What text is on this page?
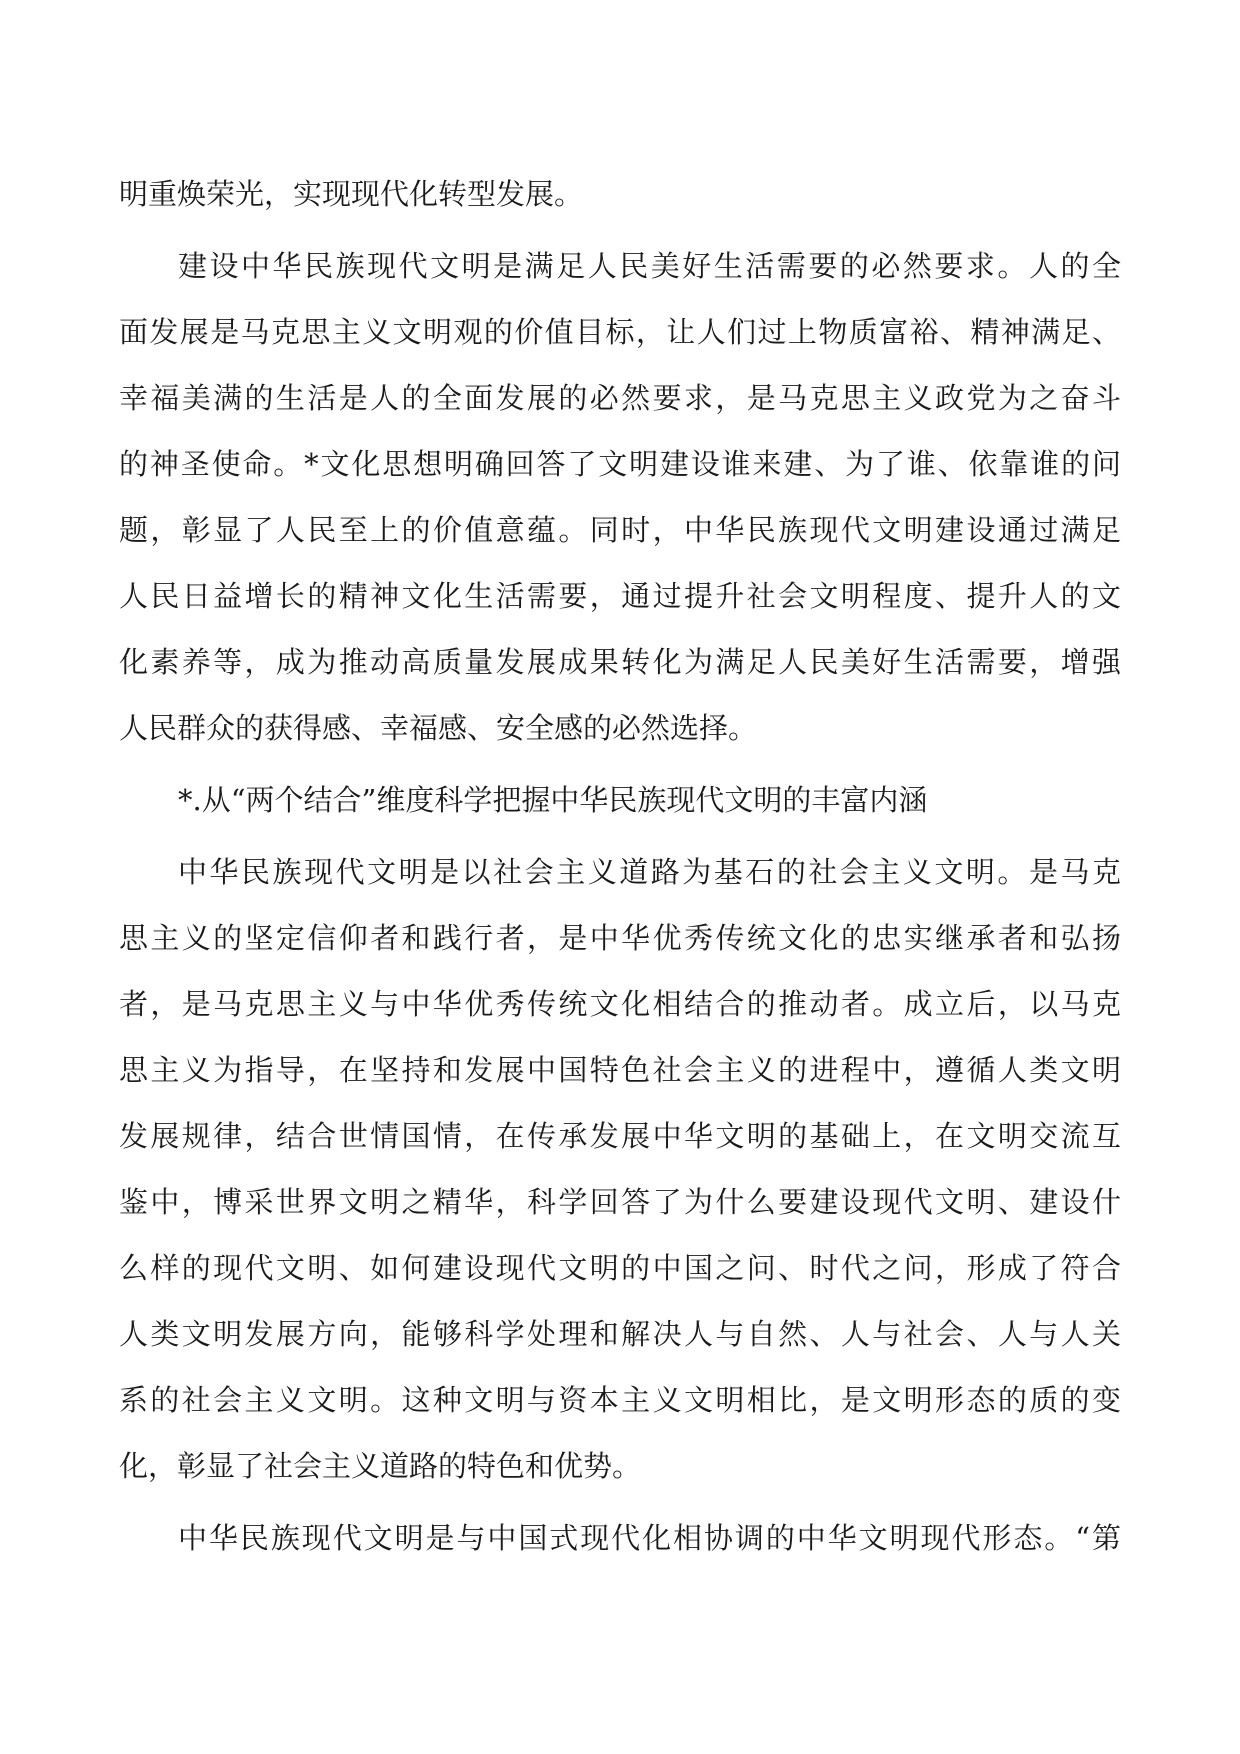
明重焕荣光，实现现代化转型发展。

建设中华民族现代文明是满足人民美好生活需要的必然要求。人的全

面发展是马克思主义文明观的价值目标，让人们过上物质富裕、精神满足、

幸福美满的生活是人的全面发展的必然要求，是马克思主义政党为之奋斗

的神圣使命。*文化思想明确回答了文明建设谁来建、为了谁、依靠谁的问

题，彰显了人民至上的价值意蕴。同时，中华民族现代文明建设通过满足

人民日益增长的精神文化生活需要，通过提升社会文明程度、提升人的文

化素养等，成为推动高质量发展成果转化为满足人民美好生活需要，增强

人民群众的获得感、幸福感、安全感的必然选择。

*.从“两个结合”维度科学把握中华民族现代文明的丰富内涵

中华民族现代文明是以社会主义道路为基石的社会主义文明。是马克

思主义的坚定信仰者和践行者，是中华优秀传统文化的忠实继承者和弘扬

者，是马克思主义与中华优秀传统文化相结合的推动者。成立后，以马克

思主义为指导，在坚持和发展中国特色社会主义的进程中，遵循人类文明

发展规律，结合世情国情，在传承发展中华文明的基础上，在文明交流互

鉴中，博采世界文明之精华，科学回答了为什么要建设现代文明、建设什

么样的现代文明、如何建设现代文明的中国之问、时代之问，形成了符合

人类文明发展方向，能够科学处理和解决人与自然、人与社会、人与人关

系的社会主义文明。这种文明与资本主义文明相比，是文明形态的质的变

化，彰显了社会主义道路的特色和优势。

中华民族现代文明是与中国式现代化相协调的中华文明现代形态。“第
